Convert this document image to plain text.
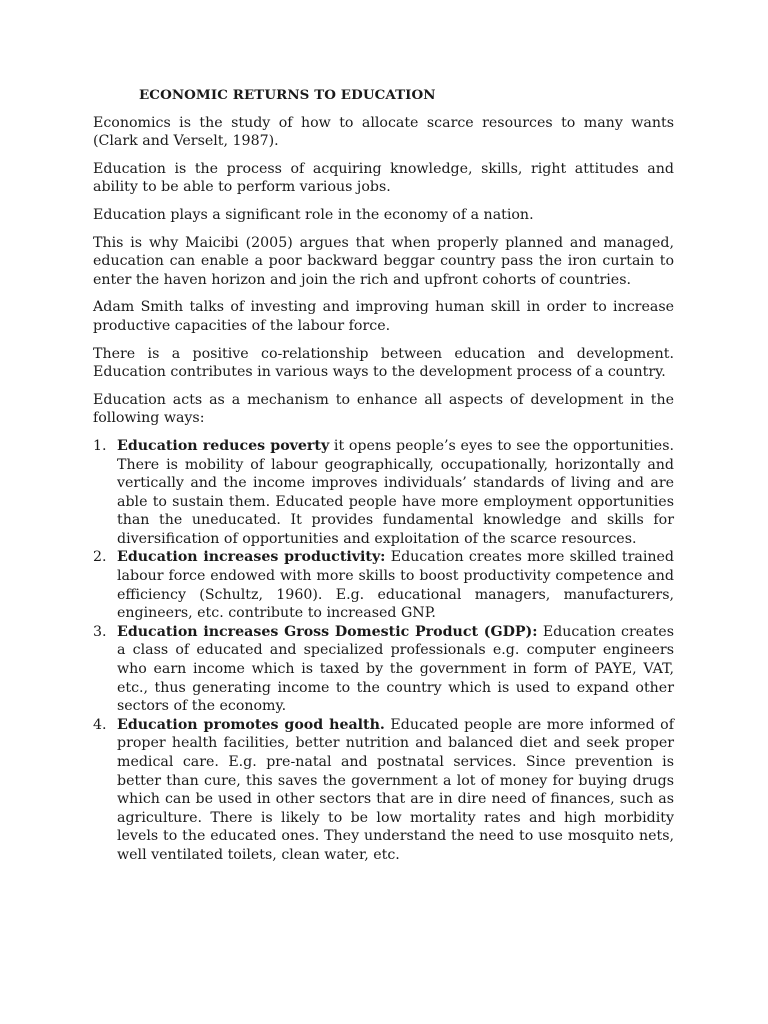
ECONOMIC RETURNS TO EDUCATION

Economics is the study of how to allocate scarce resources to many wants (Clark and Verselt, 1987).

Education is the process of acquiring knowledge, skills, right attitudes and ability to be able to perform various jobs.

Education plays a significant role in the economy of a nation.

This is why Maicibi (2005) argues that when properly planned and managed, education can enable a poor backward beggar country pass the iron curtain to enter the haven horizon and join the rich and upfront cohorts of countries.

Adam Smith talks of investing and improving human skill in order to increase productive capacities of the labour force.

There is a positive co-relationship between education and development. Education contributes in various ways to the development process of a country.

Education acts as a mechanism to enhance all aspects of development in the following ways:

1. Education reduces poverty it opens people’s eyes to see the opportunities. There is mobility of labour geographically, occupationally, horizontally and vertically and the income improves individuals’ standards of living and are able to sustain them. Educated people have more employment opportunities than the uneducated. It provides fundamental knowledge and skills for diversification of opportunities and exploitation of the scarce resources.
2. Education increases productivity: Education creates more skilled trained labour force endowed with more skills to boost productivity competence and efficiency (Schultz, 1960). E.g. educational managers, manufacturers, engineers, etc. contribute to increased GNP.
3. Education increases Gross Domestic Product (GDP): Education creates a class of educated and specialized professionals e.g. computer engineers who earn income which is taxed by the government in form of PAYE, VAT, etc., thus generating income to the country which is used to expand other sectors of the economy.
4. Education promotes good health. Educated people are more informed of proper health facilities, better nutrition and balanced diet and seek proper medical care. E.g. pre-natal and postnatal services. Since prevention is better than cure, this saves the government a lot of money for buying drugs which can be used in other sectors that are in dire need of finances, such as agriculture. There is likely to be low mortality rates and high morbidity levels to the educated ones. They understand the need to use mosquito nets, well ventilated toilets, clean water, etc.
